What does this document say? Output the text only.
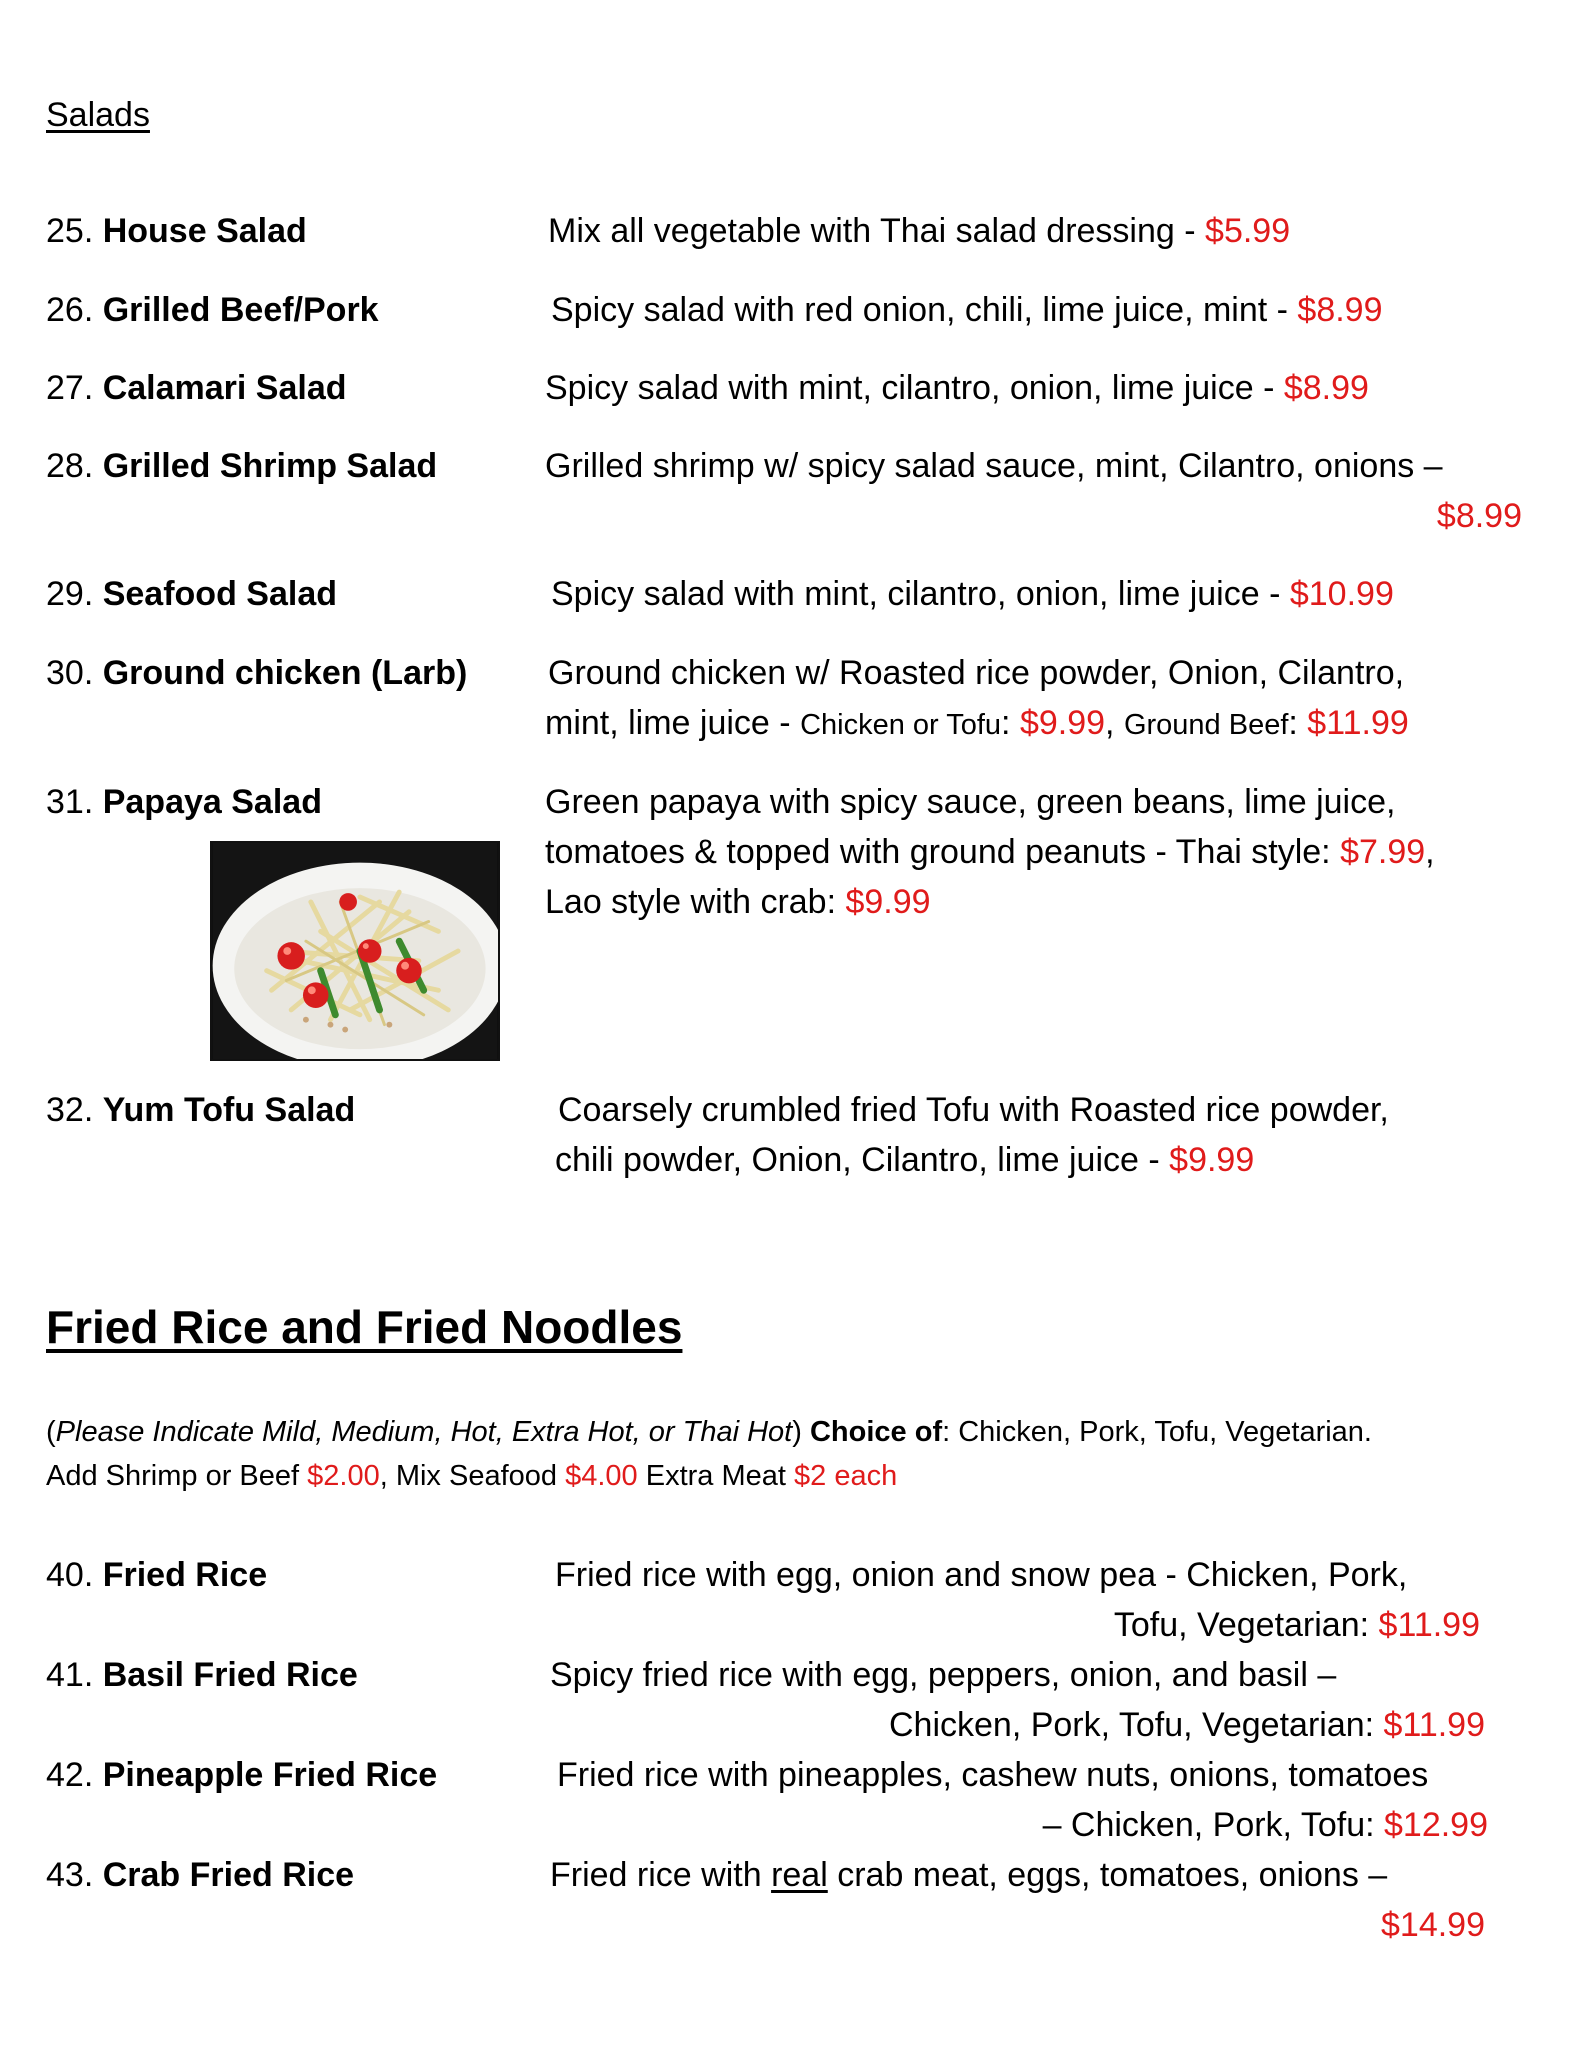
Salads
25. House Salad	Mix all vegetable with Thai salad dressing - $5.99
26. Grilled Beef/Pork	Spicy salad with red onion, chili, lime juice, mint - $8.99
27. Calamari Salad	Spicy salad with mint, cilantro, onion, lime juice - $8.99
28. Grilled Shrimp Salad	Grilled shrimp w/ spicy salad sauce, mint, Cilantro, onions –
$8.99
29. Seafood Salad	Spicy salad with mint, cilantro, onion, lime juice - $10.99
30. Ground chicken (Larb) Ground chicken w/ Roasted rice powder, Onion, Cilantro,
mint, lime juice - Chicken or Tofu: $9.99, Ground Beef: $11.99
31. Papaya Salad	Green papaya with spicy sauce, green beans, lime juice,
tomatoes & topped with ground peanuts - Thai style: $7.99,
Lao style with crab: $9.99
32. Yum Tofu Salad	Coarsely crumbled fried Tofu with Roasted rice powder,
chili powder, Onion, Cilantro, lime juice - $9.99
Fried Rice and Fried Noodles
(Please Indicate Mild, Medium, Hot, Extra Hot, or Thai Hot) Choice of: Chicken, Pork, Tofu, Vegetarian.
Add Shrimp or Beef $2.00, Mix Seafood $4.00 Extra Meat $2 each
40. Fried Rice	Fried rice with egg, onion and snow pea - Chicken, Pork,
Tofu, Vegetarian: $11.99
41. Basil Fried Rice	Spicy fried rice with egg, peppers, onion, and basil –
Chicken, Pork, Tofu, Vegetarian: $11.99
42. Pineapple Fried Rice	Fried rice with pineapples, cashew nuts, onions, tomatoes
– Chicken, Pork, Tofu: $12.99
43. Crab Fried Rice	Fried rice with real crab meat, eggs, tomatoes, onions –
$14.99
